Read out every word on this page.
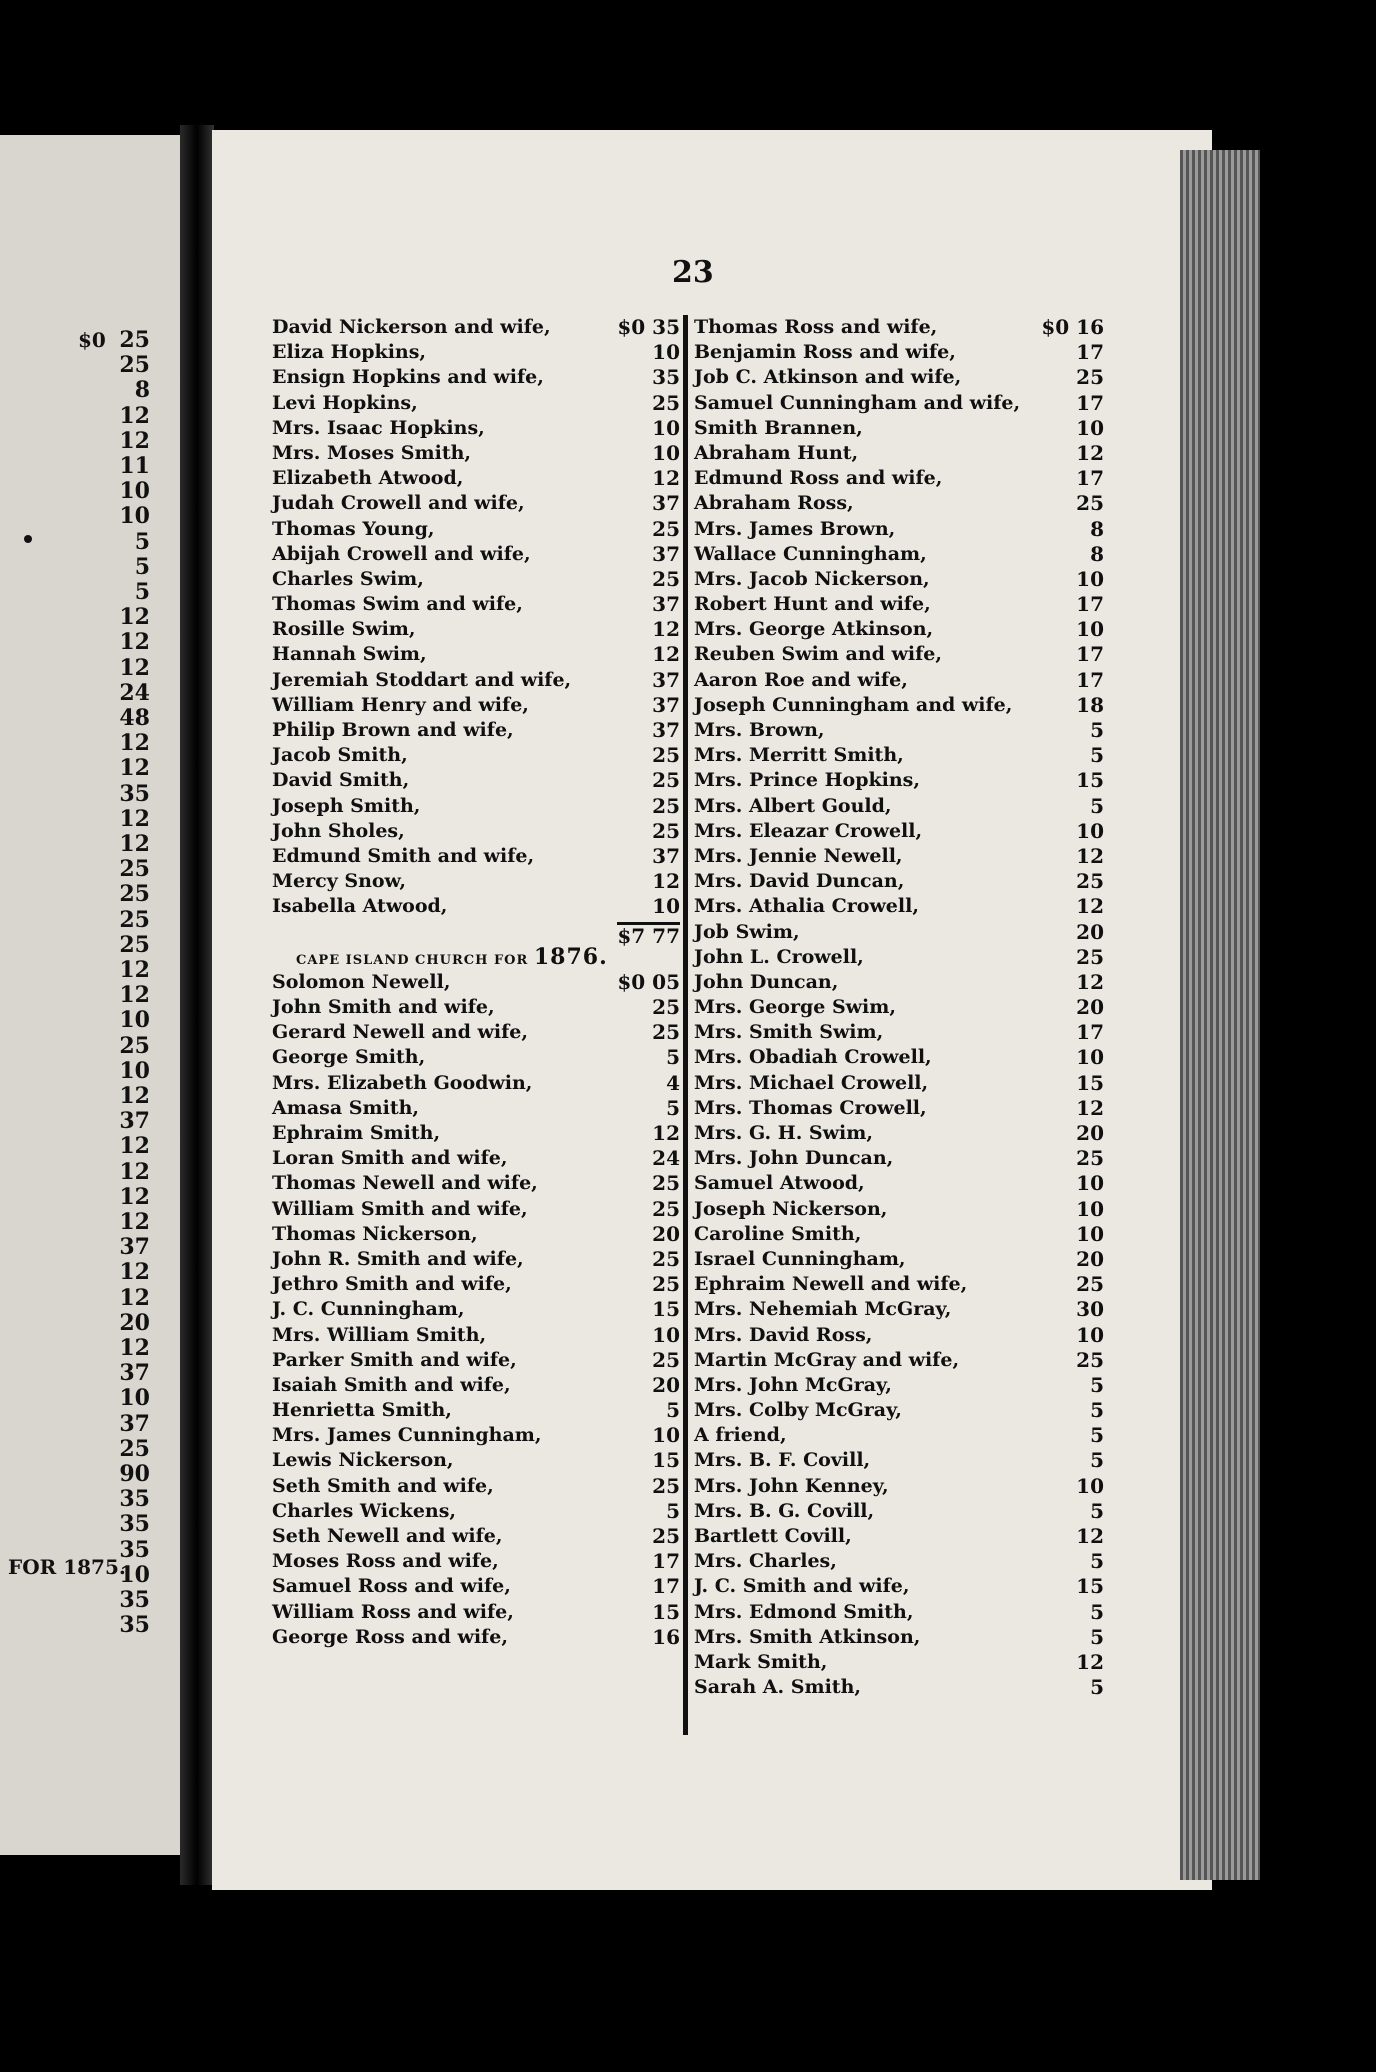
$0 25
25
8
12
12
11
10
10
5
5
5
12
12
12
24
48
12
12
35
12
12
25
25
25
25
12
12
10
25
10
12
37
12
12
12
12
37
12
12
20
12
37
10
37
25
90
35
35
35
10
35
35
FOR 1875.
23
David Nickerson and wife,	$0 35
Eliza Hopkins,	10
Ensign Hopkins and wife,	35
Levi Hopkins,	25
Mrs. Isaac Hopkins,	10
Mrs. Moses Smith,	10
Elizabeth Atwood,	12
Judah Crowell and wife,	37
Thomas Young,	25
Abijah Crowell and wife,	37
Charles Swim,	25
Thomas Swim and wife,	37
Rosille Swim,	12
Hannah Swim,	12
Jeremiah Stoddart and wife,	37
William Henry and wife,	37
Philip Brown and wife,	37
Jacob Smith,	25
David Smith,	25
Joseph Smith,	25
John Sholes,	25
Edmund Smith and wife,	37
Mercy Snow,	12
Isabella Atwood,	10
$7 77
CAPE ISLAND CHURCH FOR 1876.
Solomon Newell,	$0 05
John Smith and wife,	25
Gerard Newell and wife,	25
George Smith,	5
Mrs. Elizabeth Goodwin,	4
Amasa Smith,	5
Ephraim Smith,	12
Loran Smith and wife,	24
Thomas Newell and wife,	25
William Smith and wife,	25
Thomas Nickerson,	20
John R. Smith and wife,	25
Jethro Smith and wife,	25
J. C. Cunningham,	15
Mrs. William Smith,	10
Parker Smith and wife,	25
Isaiah Smith and wife,	20
Henrietta Smith,	5
Mrs. James Cunningham,	10
Lewis Nickerson,	15
Seth Smith and wife,	25
Charles Wickens,	5
Seth Newell and wife,	25
Moses Ross and wife,	17
Samuel Ross and wife,	17
William Ross and wife,	15
George Ross and wife,	16
Thomas Ross and wife,	$0 16
Benjamin Ross and wife,	17
Job C. Atkinson and wife,	25
Samuel Cunningham and wife,	17
Smith Brannen,	10
Abraham Hunt,	12
Edmund Ross and wife,	17
Abraham Ross,	25
Mrs. James Brown,	8
Wallace Cunningham,	8
Mrs. Jacob Nickerson,	10
Robert Hunt and wife,	17
Mrs. George Atkinson,	10
Reuben Swim and wife,	17
Aaron Roe and wife,	17
Joseph Cunningham and wife,	18
Mrs. Brown,	5
Mrs. Merritt Smith,	5
Mrs. Prince Hopkins,	15
Mrs. Albert Gould,	5
Mrs. Eleazar Crowell,	10
Mrs. Jennie Newell,	12
Mrs. David Duncan,	25
Mrs. Athalia Crowell,	12
Job Swim,	20
John L. Crowell,	25
John Duncan,	12
Mrs. George Swim,	20
Mrs. Smith Swim,	17
Mrs. Obadiah Crowell,	10
Mrs. Michael Crowell,	15
Mrs. Thomas Crowell,	12
Mrs. G. H. Swim,	20
Mrs. John Duncan,	25
Samuel Atwood,	10
Joseph Nickerson,	10
Caroline Smith,	10
Israel Cunningham,	20
Ephraim Newell and wife,	25
Mrs. Nehemiah McGray,	30
Mrs. David Ross,	10
Martin McGray and wife,	25
Mrs. John McGray,	5
Mrs. Colby McGray,	5
A friend,	5
Mrs. B. F. Covill,	5
Mrs. John Kenney,	10
Mrs. B. G. Covill,	5
Bartlett Covill,	12
Mrs. Charles,	5
J. C. Smith and wife,	15
Mrs. Edmond Smith,	5
Mrs. Smith Atkinson,	5
Mark Smith,	12
Sarah A. Smith,	5
